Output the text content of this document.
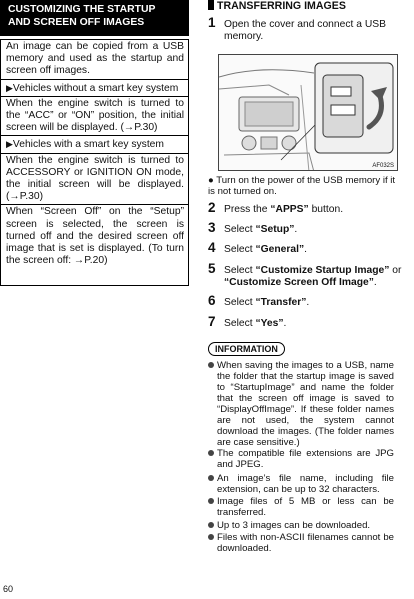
CUSTOMIZING THE STARTUP
AND SCREEN OFF IMAGES
An image can be copied from a USB memory and used as the startup and screen off images.
▶Vehicles without a smart key system
When the engine switch is turned to the “ACC” or “ON” position, the initial screen will be displayed. (→P.30)
▶Vehicles with a smart key system
When the engine switch is turned to ACCESSORY or IGNITION ON mode, the initial screen will be displayed. (→P.30)
When “Screen Off” on the “Setup” screen is selected, the screen is turned off and the desired screen off image that is set is displayed. (To turn the screen off: →P.20)
TRANSFERRING IMAGES
1 Open the cover and connect a USB memory.
AF032S
● Turn on the power of the USB memory if it is not turned on.
2 Press the “APPS” button.
3 Select “Setup”.
4 Select “General”.
5 Select “Customize Startup Image” or “Customize Screen Off Image”.
6 Select “Transfer”.
7 Select “Yes”.
INFORMATION
When saving the images to a USB, name the folder that the startup image is saved to “StartupImage” and name the folder that the screen off image is saved to “DisplayOffImage”. If these folder names are not used, the system cannot download the images. (The folder names are case sensitive.)
The compatible file extensions are JPG and JPEG.
An image’s file name, including file extension, can be up to 32 characters.
Image files of 5 MB or less can be transferred.
Up to 3 images can be downloaded.
Files with non-ASCII filenames cannot be downloaded.
60
